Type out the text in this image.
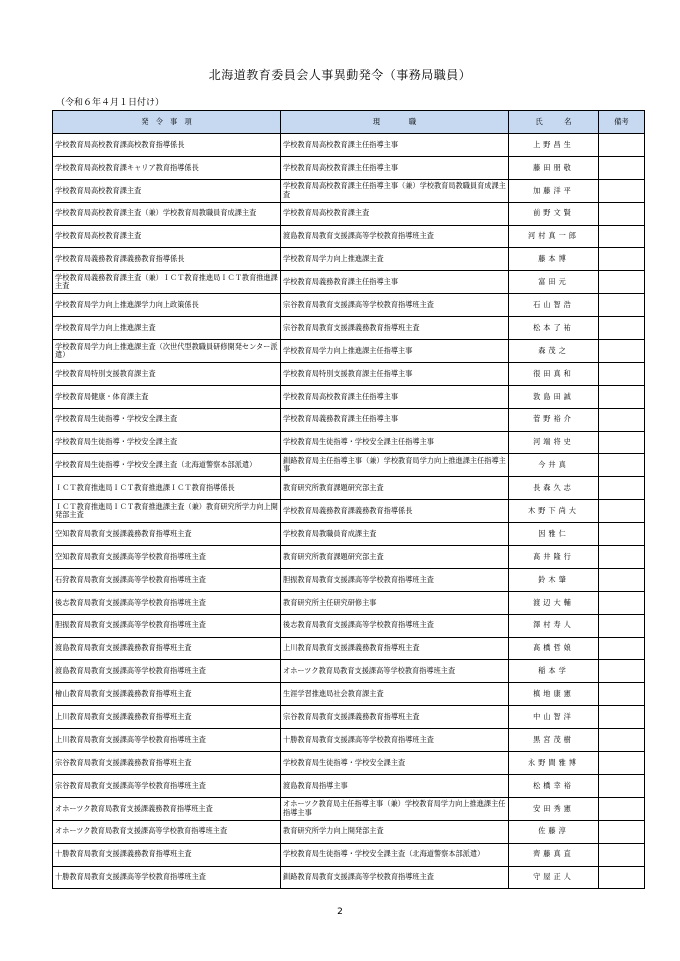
北海道教育委員会人事異動発令（事務局職員）
（令和６年４月１日付け）
発　令　事　項	現　　　　職	氏　　　名	備考
学校教育局高校教育課高校教育指導係長	学校教育局高校教育課主任指導主事	上野昌生	
学校教育局高校教育課キャリア教育指導係長	学校教育局高校教育課主任指導主事	藤田朋敬	
学校教育局高校教育課主査	学校教育局高校教育課主任指導主事（兼）学校教育局教職員育成課主査	加藤洋平	
学校教育局高校教育課主査（兼）学校教育局教職員育成課主査	学校教育局高校教育課主査	前野文賢	
学校教育局高校教育課主査	渡島教育局教育支援課高等学校教育指導班主査	河村真一郎	
学校教育局義務教育課義務教育指導係長	学校教育局学力向上推進課主査	藤本博	
学校教育局義務教育課主査（兼）ＩＣＴ教育推進局ＩＣＴ教育推進課主査	学校教育局義務教育課主任指導主事	富田元	
学校教育局学力向上推進課学力向上政策係長	宗谷教育局教育支援課高等学校教育指導班主査	石山智浩	
学校教育局学力向上推進課主査	宗谷教育局教育支援課義務教育指導班主査	松本了祐	
学校教育局学力向上推進課主査（次世代型教職員研修開発センター派遣）	学校教育局学力向上推進課主任指導主事	森茂之	
学校教育局特別支援教育課主査	学校教育局特別支援教育課主任指導主事	很田真和	
学校教育局健康・体育課主査	学校教育局高校教育課主任指導主事	敦島田誠	
学校教育局生徒指導・学校安全課主査	学校教育局義務教育課主任指導主事	菅野裕介	
学校教育局生徒指導・学校安全課主査	学校教育局生徒指導・学校安全課主任指導主事	河端将史	
学校教育局生徒指導・学校安全課主査（北海道警察本部派遣）	釧路教育局主任指導主事（兼）学校教育局学力向上推進課主任指導主事	今井真	
ＩＣＴ教育推進局ＩＣＴ教育推進課ＩＣＴ教育指導係長	教育研究所教育課題研究部主査	長森久志	
ＩＣＴ教育推進局ＩＣＴ教育推進課主査（兼）教育研究所学力向上開発部主査	学校教育局義務教育課義務教育指導係長	木野下尚大	
空知教育局教育支援課義務教育指導班主査	学校教育局教職員育成課主査	因雅仁	
空知教育局教育支援課高等学校教育指導班主査	教育研究所教育課題研究部主査	髙井隆行	
石狩教育局教育支援課高等学校教育指導班主査	胆振教育局教育支援課高等学校教育指導班主査	鈴木肇	
後志教育局教育支援課高等学校教育指導班主査	教育研究所主任研究研修主事	渡辺大輔	
胆振教育局教育支援課高等学校教育指導班主査	後志教育局教育支援課高等学校教育指導班主査	澤村寿人	
渡島教育局教育支援課義務教育指導班主査	上川教育局教育支援課義務教育指導班主査	髙橋哲娘	
渡島教育局教育支援課高等学校教育指導班主査	オホーツク教育局教育支援課高等学校教育指導班主査	稲本学	
檜山教育局教育支援課義務教育指導班主査	生涯学習推進局社会教育課主査	槙地康憲	
上川教育局教育支援課義務教育指導班主査	宗谷教育局教育支援課義務教育指導班主査	中山智洋	
上川教育局教育支援課高等学校教育指導班主査	十勝教育局教育支援課高等学校教育指導班主査	黒宮茂樹	
宗谷教育局教育支援課義務教育指導班主査	学校教育局生徒指導・学校安全課主査	永野間雅博	
宗谷教育局教育支援課高等学校教育指導班主査	渡島教育局指導主事	松橋幸裕	
オホーツク教育局教育支援課義務教育指導班主査	オホーツク教育局主任指導主事（兼）学校教育局学力向上推進課主任指導主事	安田秀憲	
オホーツク教育局教育支援課高等学校教育指導班主査	教育研究所学力向上開発部主査	佐藤淳	
十勝教育局教育支援課義務教育指導班主査	学校教育局生徒指導・学校安全課主査（北海道警察本部派遣）	齊藤真直	
十勝教育局教育支援課高等学校教育指導班主査	釧路教育局教育支援課高等学校教育指導班主査	守屋正人	
2
